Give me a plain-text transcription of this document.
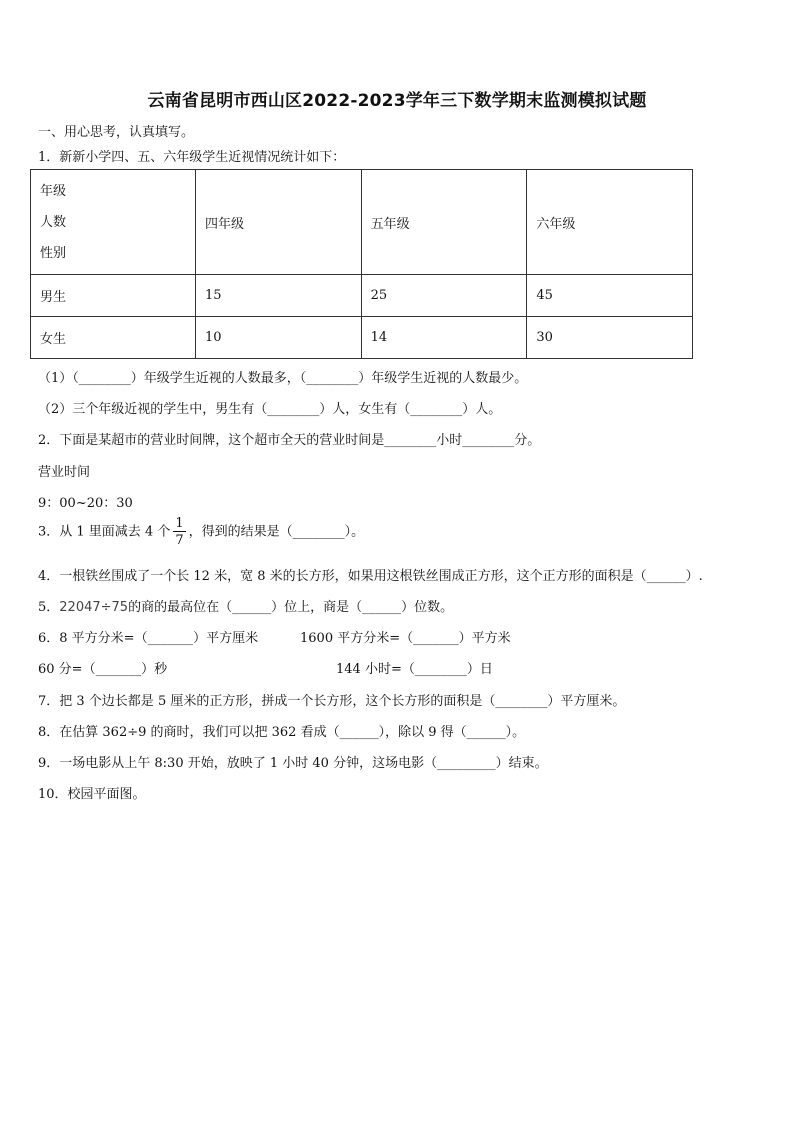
云南省昆明市西山区2022-2023学年三下数学期末监测模拟试题
一、用心思考，认真填写。
1．新新小学四、五、六年级学生近视情况统计如下：
年级
人数
性别	四年级	五年级	六年级
男生	15	25	45
女生	10	14	30
（1）（________）年级学生近视的人数最多，（________）年级学生近视的人数最少。
（2）三个年级近视的学生中，男生有（________）人，女生有（________）人。
2．下面是某超市的营业时间牌，这个超市全天的营业时间是________小时________分。
营业时间
9：00~20：30
3．从 1 里面减去 4 个 $\frac{1}{7}$ ，得到的结果是（________）。
4．一根铁丝围成了一个长 12 米，宽 8 米的长方形，如果用这根铁丝围成正方形，这个正方形的面积是（______）.
5．22047÷75的商的最高位在（______）位上，商是（______）位数。
6．8 平方分米=（_______）平方厘米	1600 平方分米=（_______）平方米
60 分=（_______）秒	144 小时=（________）日
7．把 3 个边长都是 5 厘米的正方形，拼成一个长方形，这个长方形的面积是（________）平方厘米。
8．在估算 362÷9 的商时，我们可以把 362 看成（______），除以 9 得（______）。
9．一场电影从上午 8:30 开始，放映了 1 小时 40 分钟，这场电影（_________）结束。
10．校园平面图。
